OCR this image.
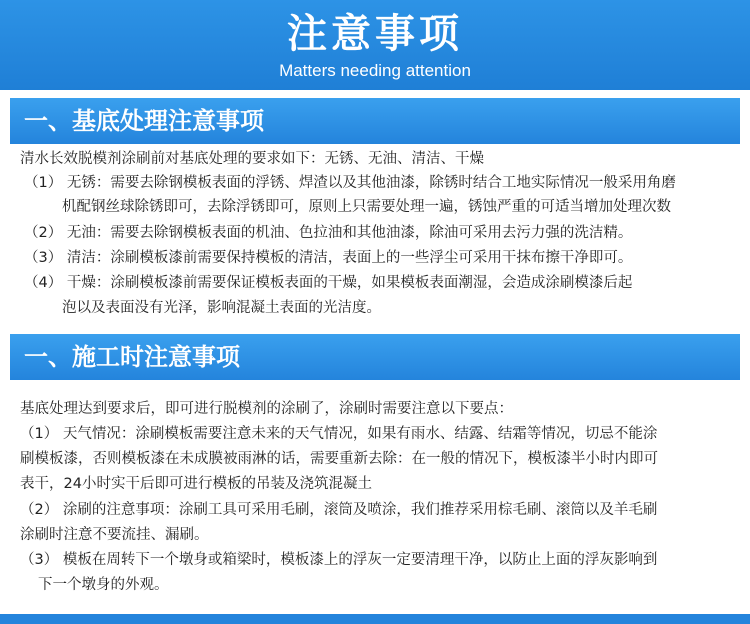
注意事项
Matters needing attention
一、基底处理注意事项
清水长效脱模剂涂刷前对基底处理的要求如下：无锈、无油、清洁、干燥
（1） 无锈：需要去除钢模板表面的浮锈、焊渣以及其他油漆，除锈时结合工地实际情况一般采用角磨
机配钢丝球除锈即可，去除浮锈即可，原则上只需要处理一遍，锈蚀严重的可适当增加处理次数
（2） 无油：需要去除钢模板表面的机油、色拉油和其他油漆，除油可采用去污力强的洗洁精。
（3） 清洁：涂刷模板漆前需要保持模板的清洁，表面上的一些浮尘可采用干抹布擦干净即可。
（4） 干燥：涂刷模板漆前需要保证模板表面的干燥，如果模板表面潮湿，会造成涂刷模漆后起
泡以及表面没有光泽，影响混凝土表面的光洁度。
一、施工时注意事项
基底处理达到要求后，即可进行脱模剂的涂刷了，涂刷时需要注意以下要点：
（1） 天气情况：涂刷模板需要注意未来的天气情况，如果有雨水、结露、结霜等情况，切忌不能涂
刷模板漆，否则模板漆在未成膜被雨淋的话，需要重新去除：在一般的情况下，模板漆半小时内即可
表干，24小时实干后即可进行模板的吊装及浇筑混凝土
（2） 涂刷的注意事项：涂刷工具可采用毛刷，滚筒及喷涂，我们推荐采用棕毛刷、滚筒以及羊毛刷
涂刷时注意不要流挂、漏刷。
（3） 模板在周转下一个墩身或箱梁时，模板漆上的浮灰一定要清理干净，以防止上面的浮灰影响到
下一个墩身的外观。
